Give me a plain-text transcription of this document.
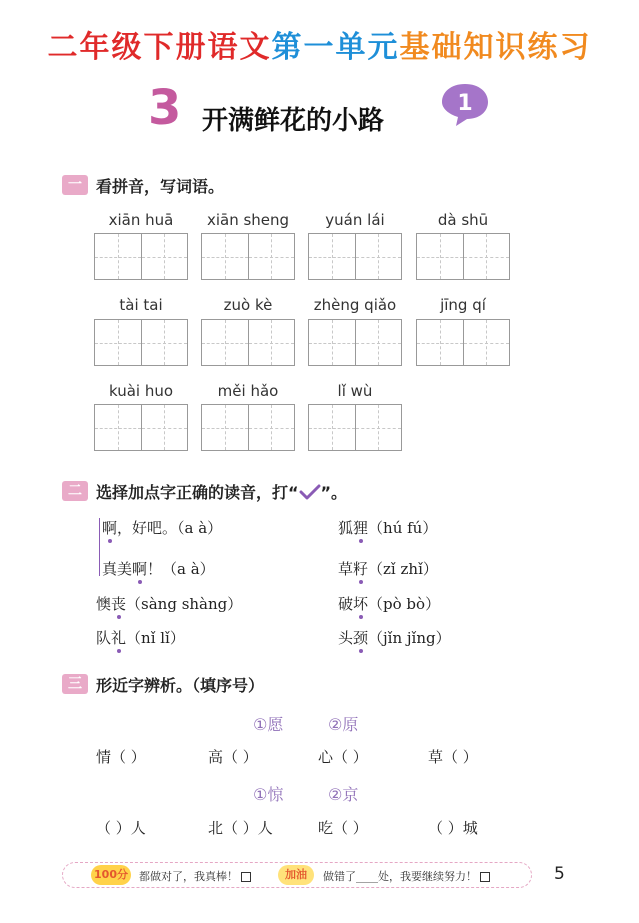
二年级下册语文第一单元基础知识练习
3 开满鲜花的小路
1
一 看拼音，写词语。
xiān huā	xiān sheng	yuán lái	dà shū
tài tai	zuò kè	zhèng qiǎo	jīng qí
kuài huo	měi hǎo	lǐ wù
二 选择加点字正确的读音，打“ ”。
啊，好吧。（a à）	狐狸（hú fú）
真美啊！（a à）	草籽（zǐ zhǐ）
懊丧（sàng shàng）	破坏（pò bò）
队礼（nǐ lǐ）	头颈（jǐn jǐng）
三 形近字辨析。（填序号）
①愿	②原
情（ ）	高（ ）	心（ ）	草（ ）
①惊	②京
（ ）人	北（ ）人	吃（ ）	（ ）城
100分 都做对了，我真棒！	加油	做错了____处，我要继续努力！	5
